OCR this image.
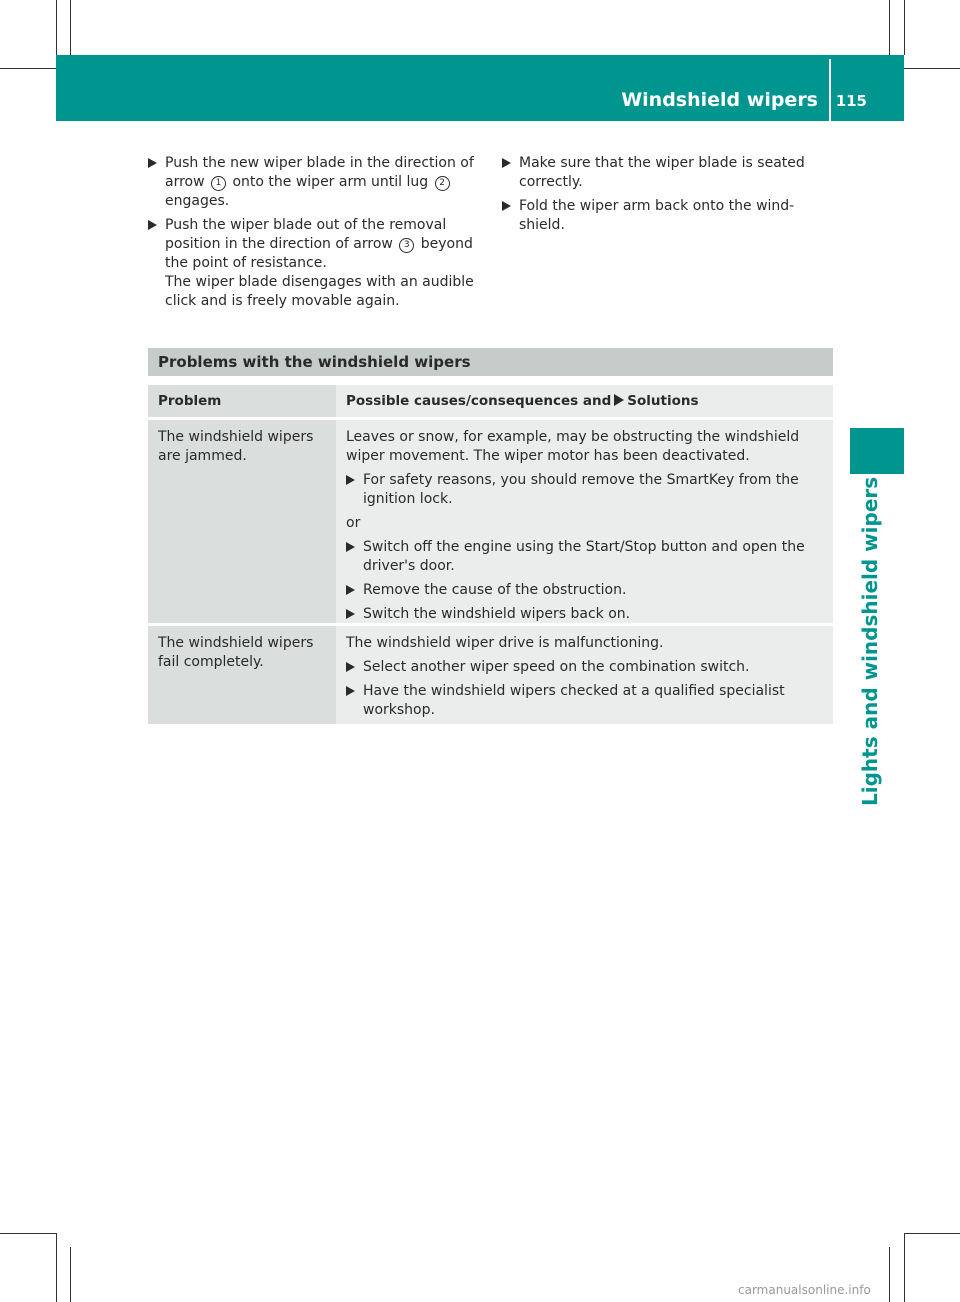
Windshield wipers 115
Lights and windshield wipers
Push the new wiper blade in the direction of arrow 1 onto the wiper arm until lug 2 engages.
Push the wiper blade out of the removal position in the direction of arrow 3 beyond the point of resistance.
The wiper blade disengages with an audible click and is freely movable again.
Make sure that the wiper blade is seated correctly.
Fold the wiper arm back onto the wind- shield.
Problems with the windshield wipers
Problem	Possible causes/consequences and Solutions
The windshield wipers are jammed.
Leaves or snow, for example, may be obstructing the windshield wiper movement. The wiper motor has been deactivated.
For safety reasons, you should remove the SmartKey from the ignition lock.
or
Switch off the engine using the Start/Stop button and open the driver's door.
Remove the cause of the obstruction.
Switch the windshield wipers back on.
The windshield wipers fail completely.
The windshield wiper drive is malfunctioning.
Select another wiper speed on the combination switch.
Have the windshield wipers checked at a qualified specialist workshop.
carmanualsonline.info
